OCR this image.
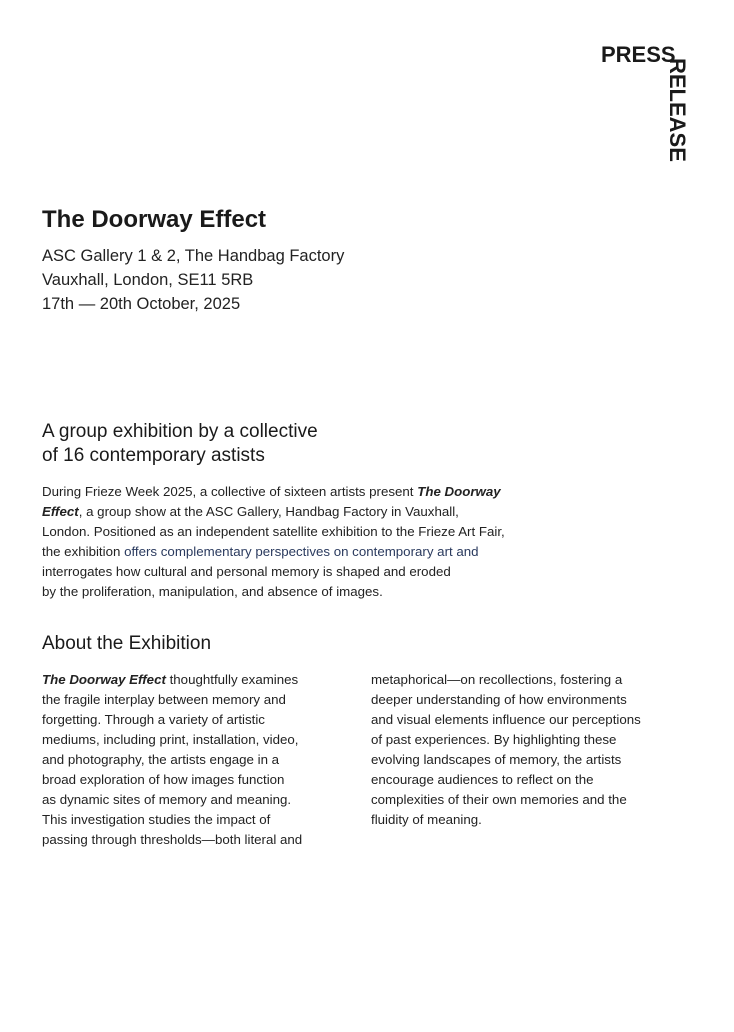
PRESS
RELEASE
The Doorway Effect
ASC Gallery 1 & 2, The Handbag Factory
Vauxhall, London, SE11 5RB
17th — 20th October, 2025
A group exhibition by a collective
of 16 contemporary astists
During Frieze Week 2025, a collective of sixteen artists present The Doorway
Effect, a group show at the ASC Gallery, Handbag Factory in Vauxhall,
London. Positioned as an independent satellite exhibition to the Frieze Art Fair,
the exhibition offers complementary perspectives on contemporary art and
interrogates how cultural and personal memory is shaped and eroded
by the proliferation, manipulation, and absence of images.
About the Exhibition
The Doorway Effect thoughtfully examines
the fragile interplay between memory and
forgetting. Through a variety of artistic
mediums, including print, installation, video,
and photography, the artists engage in a
broad exploration of how images function
as dynamic sites of memory and meaning.
This investigation studies the impact of
passing through thresholds—both literal and
metaphorical—on recollections, fostering a
deeper understanding of how environments
and visual elements influence our perceptions
of past experiences. By highlighting these
evolving landscapes of memory, the artists
encourage audiences to reflect on the
complexities of their own memories and the
fluidity of meaning.
